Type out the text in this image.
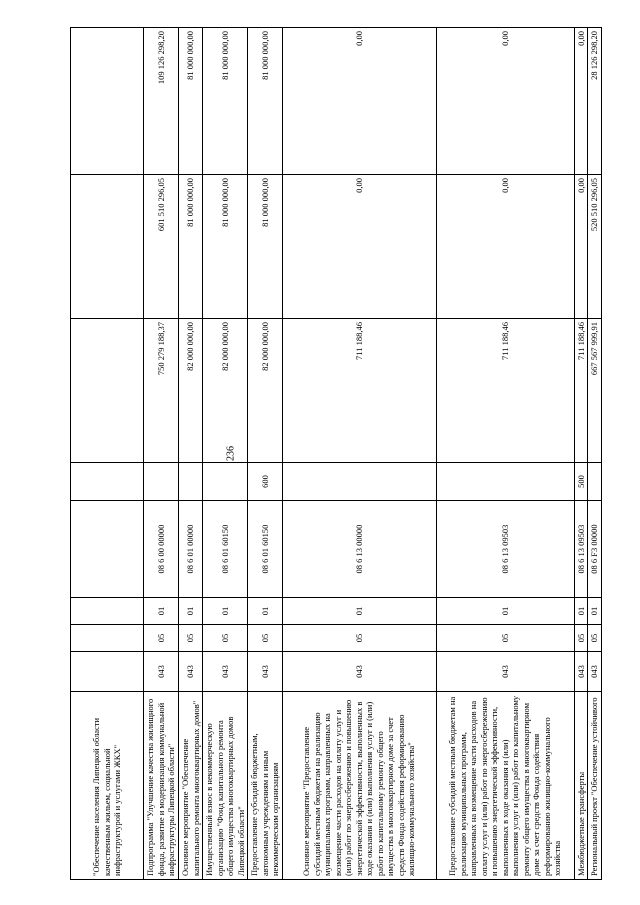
236
"Обеспечение населения Липецкой области качественным жильем, социальной инфраструктурой и услугами ЖКХ"								
Подпрограмма "Улучшение качества жилищного фонда, развитие и модернизация коммунальной инфраструктуры Липецкой области"	043	05	01	08 6 00 00000		750 279 188,37	601 510 296,05	109 126 298,20
Основное мероприятие "Обеспечение капитального ремонта многоквартирных домов"	043	05	01	08 6 01 00000		82 000 000,00	81 000 000,00	81 000 000,00
Имущественный взнос в некоммерческую организацию "Фонд капитального ремонта общего имущества многоквартирных домов Липецкой области"	043	05	01	08 6 01 60150		82 000 000,00	81 000 000,00	81 000 000,00
Предоставление субсидий бюджетным, автономным учреждениям и иным некоммерческим организациям	043	05	01	08 6 01 60150	600	82 000 000,00	81 000 000,00	81 000 000,00
Основное мероприятие "Предоставление субсидий местным бюджетам на реализацию муниципальных программ, направленных на возмещение части расходов на оплату услуг и (или) работ по энергосбережению и повышению энергетической эффективности, выполненных в ходе оказания и (или) выполнения услуг и (или) работ по капитальному ремонту общего имущества в многоквартирном доме за счет средств Фонда содействия реформированию жилищно-коммунального хозяйства"	043	05	01	08 6 13 00000		711 188,46	0,00	0,00
Предоставление субсидий местным бюджетам на реализацию муниципальных программ, направленных на возмещение части расходов на оплату услуг и (или) работ по энергосбережению и повышению энергетической эффективности, выполненных в ходе оказания и (или) выполнения услуг и (или) работ по капитальному ремонту общего имущества в многоквартирном доме за счет средств Фонда содействия реформированию жилищно-коммунального хозяйства	043	05	01	08 6 13 09503		711 188,46	0,00	0,00
Межбюджетные трансферты	043	05	01	08 6 13 09503	500	711 188,46	0,00	0,00
Региональный проект "Обеспечение устойчивого	043	05	01	08 6 F3 00000		667 567 999,91	520 510 296,05	28 126 298,20
